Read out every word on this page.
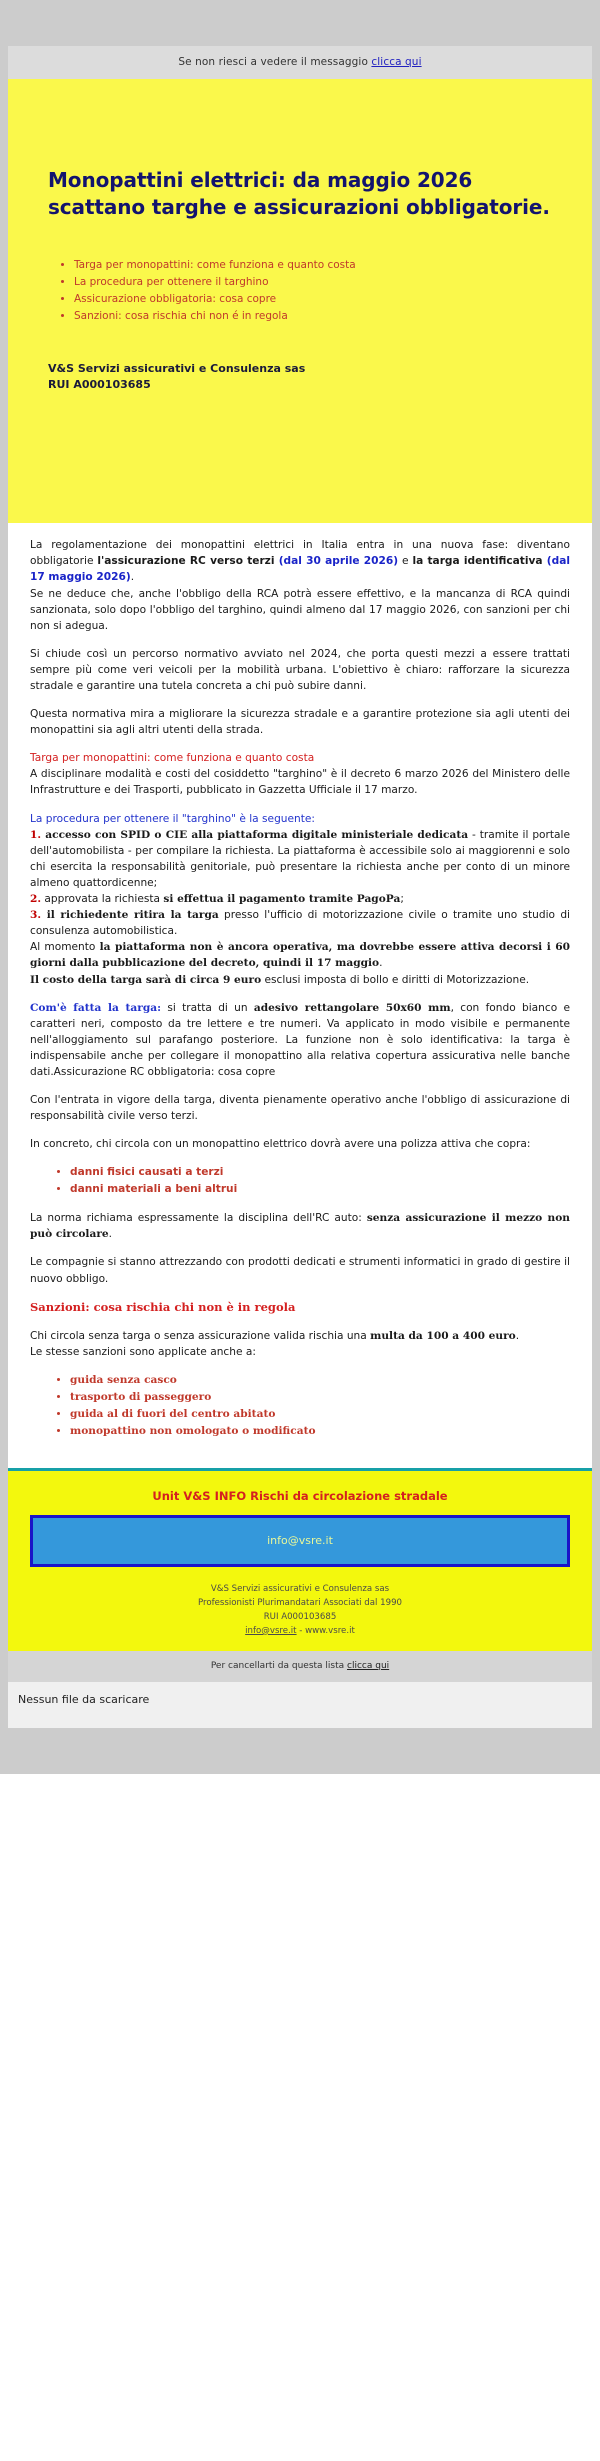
Se non riesci a vedere il messaggio clicca qui
Monopattini elettrici: da maggio 2026 scattano targhe e assicurazioni obbligatorie.
• Targa per monopattini: come funziona e quanto costa
• La procedura per ottenere il targhino
• Assicurazione obbligatoria: cosa copre
• Sanzioni: cosa rischia chi non é in regola
V&S Servizi assicurativi e Consulenza sas
RUI A000103685

La regolamentazione dei monopattini elettrici in Italia entra in una nuova fase: diventano obbligatorie l'assicurazione RC verso terzi (dal 30 aprile 2026) e la targa identificativa (dal 17 maggio 2026).

Se ne deduce che, anche l'obbligo della RCA potrà essere effettivo, e la mancanza di RCA quindi sanzionata, solo dopo l'obbligo del targhino, quindi almeno dal 17 maggio 2026, con sanzioni per chi non si adegua.

Si chiude così un percorso normativo avviato nel 2024, che porta questi mezzi a essere trattati sempre più come veri veicoli per la mobilità urbana. L'obiettivo è chiaro: rafforzare la sicurezza stradale e garantire una tutela concreta a chi può subire danni.

Questa normativa mira a migliorare la sicurezza stradale e a garantire protezione sia agli utenti dei monopattini sia agli altri utenti della strada.

Targa per monopattini: come funziona e quanto costa

A disciplinare modalità e costi del cosiddetto "targhino" è il decreto 6 marzo 2026 del Ministero delle Infrastrutture e dei Trasporti, pubblicato in Gazzetta Ufficiale il 17 marzo.

La procedura per ottenere il "targhino" è la seguente:

1. accesso con SPID o CIE alla piattaforma digitale ministeriale dedicata - tramite il portale dell'automobilista - per compilare la richiesta. La piattaforma è accessibile solo ai maggiorenni e solo chi esercita la responsabilità genitoriale, può presentare la richiesta anche per conto di un minore almeno quattordicenne;

2. approvata la richiesta si effettua il pagamento tramite PagoPa;

3. il richiedente ritira la targa presso l'ufficio di motorizzazione civile o tramite uno studio di consulenza automobilistica.

Al momento la piattaforma non è ancora operativa, ma dovrebbe essere attiva decorsi i 60 giorni dalla pubblicazione del decreto, quindi il 17 maggio.

Il costo della targa sarà di circa 9 euro esclusi imposta di bollo e diritti di Motorizzazione.

Com'è fatta la targa: si tratta di un adesivo rettangolare 50x60 mm, con fondo bianco e caratteri neri, composto da tre lettere e tre numeri. Va applicato in modo visibile e permanente nell'alloggiamento sul parafango posteriore. La funzione non è solo identificativa: la targa è indispensabile anche per collegare il monopattino alla relativa copertura assicurativa nelle banche dati.Assicurazione RC obbligatoria: cosa copre

Con l'entrata in vigore della targa, diventa pienamente operativo anche l'obbligo di assicurazione di responsabilità civile verso terzi.

In concreto, chi circola con un monopattino elettrico dovrà avere una polizza attiva che copra:

• danni fisici causati a terzi
• danni materiali a beni altrui

La norma richiama espressamente la disciplina dell'RC auto: senza assicurazione il mezzo non può circolare.

Le compagnie si stanno attrezzando con prodotti dedicati e strumenti informatici in grado di gestire il nuovo obbligo.

Sanzioni: cosa rischia chi non è in regola

Chi circola senza targa o senza assicurazione valida rischia una multa da 100 a 400 euro.

Le stesse sanzioni sono applicate anche a:

• guida senza casco
• trasporto di passeggero
• guida al di fuori del centro abitato
• monopattino non omologato o modificato
Unit V&S INFO Rischi da circolazione stradale
info@vsre.it
V&S Servizi assicurativi e Consulenza sas
Professionisti Plurimandatari Associati dal 1990
RUI A000103685
info@vsre.it - www.vsre.it
Per cancellarti da questa lista clicca qui
Nessun file da scaricare
